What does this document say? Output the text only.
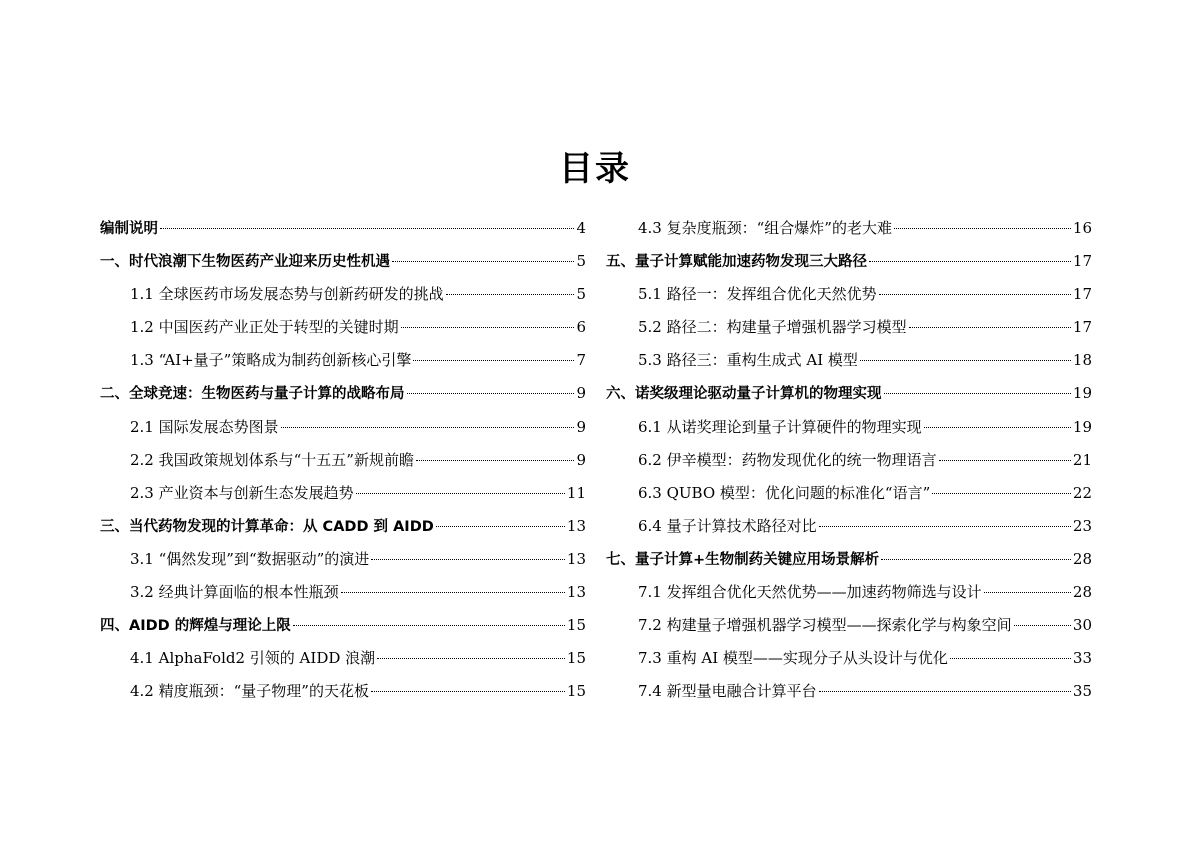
目录
编制说明	4
一、时代浪潮下生物医药产业迎来历史性机遇	5
1.1 全球医药市场发展态势与创新药研发的挑战	5
1.2 中国医药产业正处于转型的关键时期	6
1.3 “AI+量子”策略成为制药创新核心引擎	7
二、全球竞速：生物医药与量子计算的战略布局	9
2.1 国际发展态势图景	9
2.2 我国政策规划体系与“十五五”新规前瞻	9
2.3 产业资本与创新生态发展趋势	11
三、当代药物发现的计算革命：从 CADD 到 AIDD	13
3.1 “偶然发现”到“数据驱动”的演进	13
3.2 经典计算面临的根本性瓶颈	13
四、AIDD 的辉煌与理论上限	15
4.1 AlphaFold2 引领的 AIDD 浪潮	15
4.2 精度瓶颈：“量子物理”的天花板	15
4.3 复杂度瓶颈：“组合爆炸”的老大难	16
五、量子计算赋能加速药物发现三大路径	17
5.1 路径一：发挥组合优化天然优势	17
5.2 路径二：构建量子增强机器学习模型	17
5.3 路径三：重构生成式 AI 模型	18
六、诺奖级理论驱动量子计算机的物理实现	19
6.1 从诺奖理论到量子计算硬件的物理实现	19
6.2 伊辛模型：药物发现优化的统一物理语言	21
6.3 QUBO 模型：优化问题的标准化“语言”	22
6.4 量子计算技术路径对比	23
七、量子计算+生物制药关键应用场景解析	28
7.1 发挥组合优化天然优势——加速药物筛选与设计	28
7.2 构建量子增强机器学习模型——探索化学与构象空间	30
7.3 重构 AI 模型——实现分子从头设计与优化	33
7.4 新型量电融合计算平台	35
